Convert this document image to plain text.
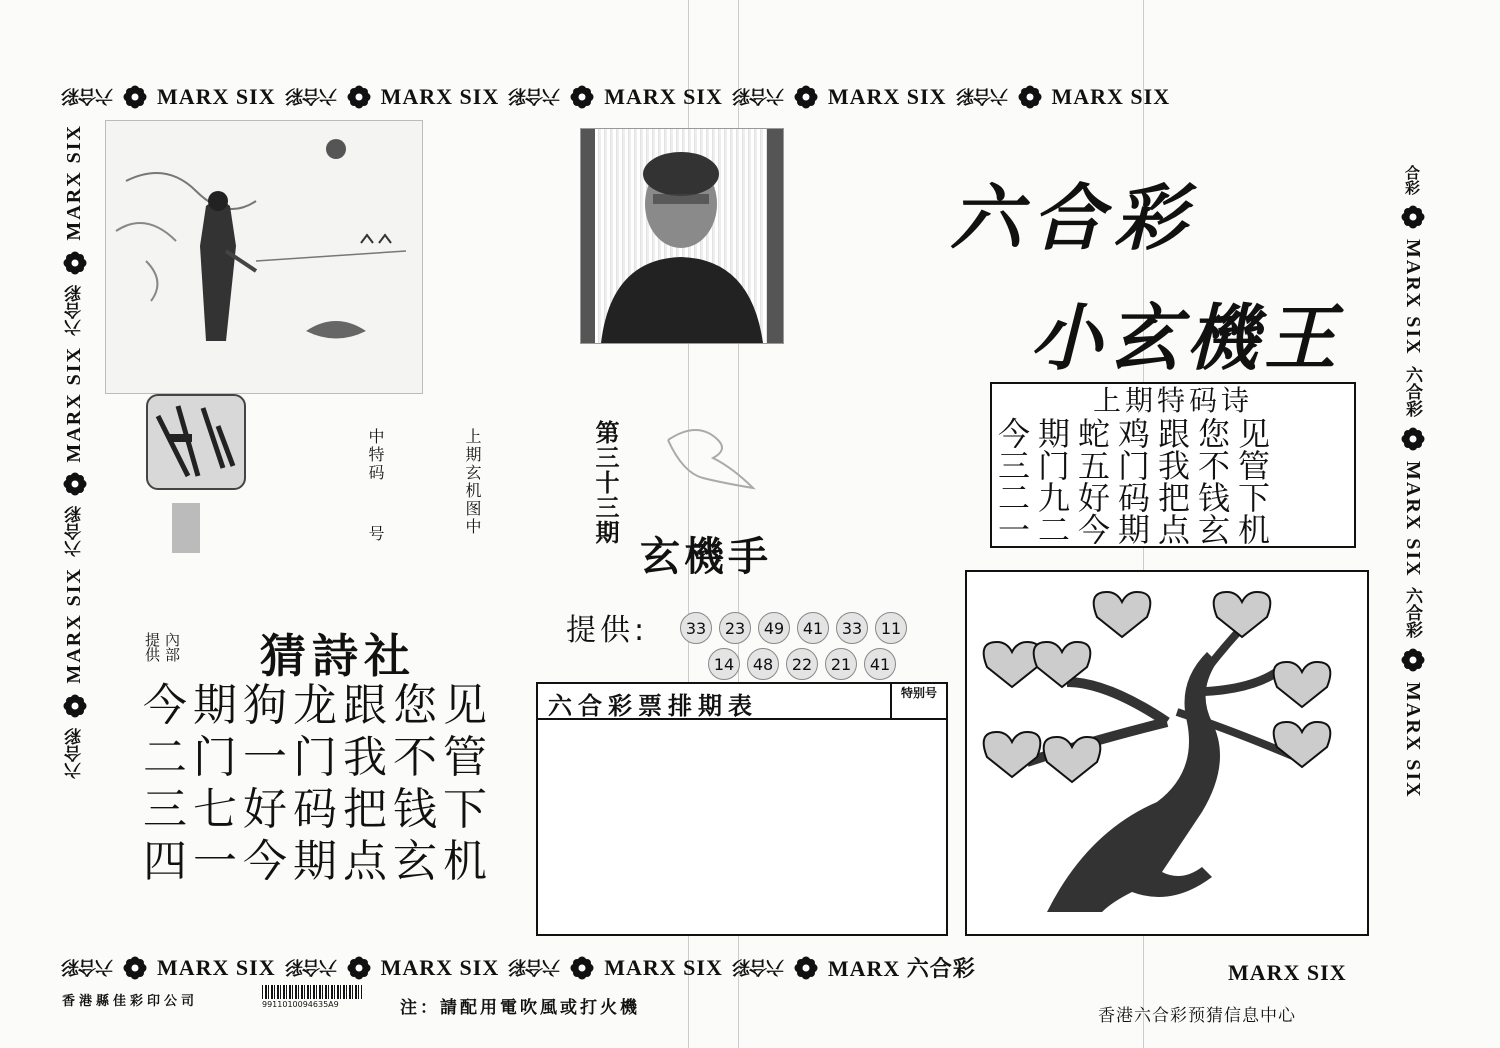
六合彩 MARX SIX 六合彩 MARX SIX 六合彩 MARX SIX 六合彩 MARX SIX 六合彩 MARX SIX
MARX SIX
六合彩
MARX SIX
六合彩
MARX SIX
六合彩
合彩
MARX SIX
六合彩
MARX SIX
六合彩
MARX SIX
六合彩 MARX SIX 六合彩 MARX SIX 六合彩 MARX SIX 六合彩 MARX 六合彩	MARX SIX
中特码
号	上期玄机图中
內部
提供 猜詩社
今期狗龙跟您见
二门一门我不管
三七好码把钱下
四一今期点玄机
第三十三期
玄機手
提供:	33	23	49	41	33	11
14	48	22	21	41
六合彩票排期表	特别号
六合彩
小玄機王
上期特码诗
今期蛇鸡跟您见
三门五门我不管
二九好码把钱下
一二今期点玄机
香港縣佳彩印公司	9911010094635A9	注：請配用電吹風或打火機	香港六合彩预猜信息中心
